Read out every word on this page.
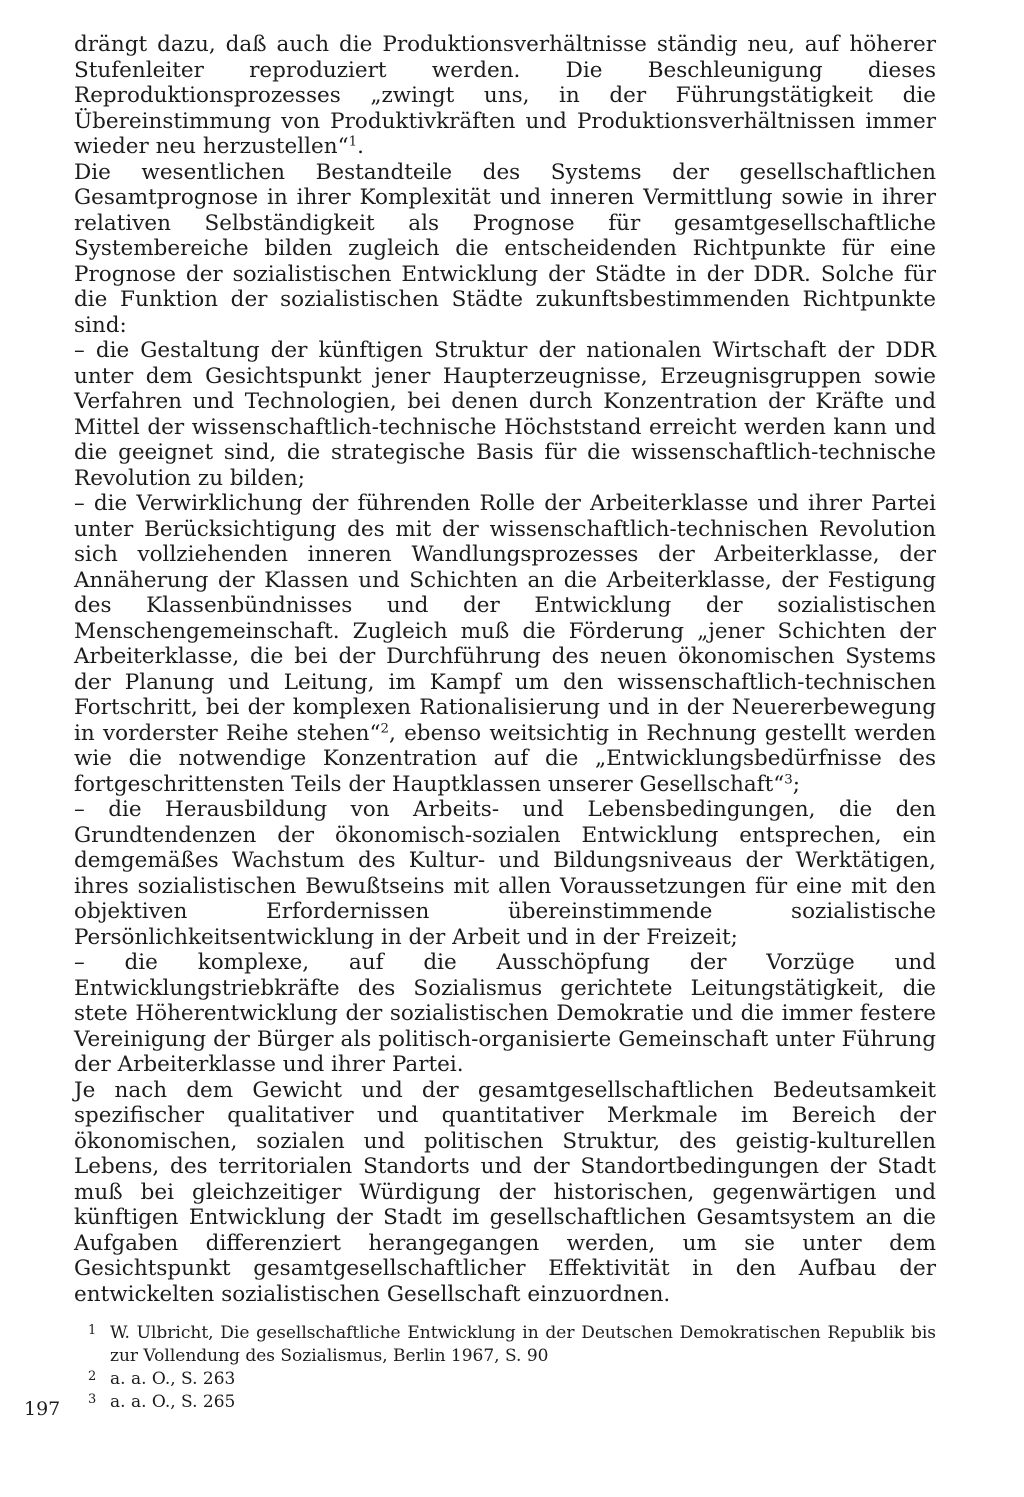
drängt dazu, daß auch die Produktionsverhältnisse ständig neu, auf höherer Stufenleiter reproduziert werden. Die Beschleunigung dieses Reproduktionsprozesses „zwingt uns, in der Führungstätigkeit die Übereinstimmung von Produktivkräften und Produktionsverhältnissen immer wieder neu herzustellen“$^1$.

Die wesentlichen Bestandteile des Systems der gesellschaftlichen Gesamtprognose in ihrer Komplexität und inneren Vermittlung sowie in ihrer relativen Selbständigkeit als Prognose für gesamtgesellschaftliche Systembereiche bilden zugleich die entscheidenden Richtpunkte für eine Prognose der sozialistischen Entwicklung der Städte in der DDR. Solche für die Funktion der sozialistischen Städte zukunftsbestimmenden Richtpunkte sind:

– die Gestaltung der künftigen Struktur der nationalen Wirtschaft der DDR unter dem Gesichtspunkt jener Haupterzeugnisse, Erzeugnisgruppen sowie Verfahren und Technologien, bei denen durch Konzentration der Kräfte und Mittel der wissenschaftlich-technische Höchststand erreicht werden kann und die geeignet sind, die strategische Basis für die wissenschaftlich-technische Revolution zu bilden;

– die Verwirklichung der führenden Rolle der Arbeiterklasse und ihrer Partei unter Berücksichtigung des mit der wissenschaftlich-technischen Revolution sich vollziehenden inneren Wandlungsprozesses der Arbeiterklasse, der Annäherung der Klassen und Schichten an die Arbeiterklasse, der Festigung des Klassenbündnisses und der Entwicklung der sozialistischen Menschengemeinschaft. Zugleich muß die Förderung „jener Schichten der Arbeiterklasse, die bei der Durchführung des neuen ökonomischen Systems der Planung und Leitung, im Kampf um den wissenschaftlich-technischen Fortschritt, bei der komplexen Rationalisierung und in der Neuererbewegung in vorderster Reihe stehen“$^2$, ebenso weitsichtig in Rechnung gestellt werden wie die notwendige Konzentration auf die „Entwicklungsbedürfnisse des fortgeschrittensten Teils der Hauptklassen unserer Gesellschaft“$^3$;

– die Herausbildung von Arbeits- und Lebensbedingungen, die den Grundtendenzen der ökonomisch-sozialen Entwicklung entsprechen, ein demgemäßes Wachstum des Kultur- und Bildungsniveaus der Werktätigen, ihres sozialistischen Bewußtseins mit allen Voraussetzungen für eine mit den objektiven Erfordernissen übereinstimmende sozialistische Persönlichkeitsentwicklung in der Arbeit und in der Freizeit;

– die komplexe, auf die Ausschöpfung der Vorzüge und Entwicklungstriebkräfte des Sozialismus gerichtete Leitungstätigkeit, die stete Höherentwicklung der sozialistischen Demokratie und die immer festere Vereinigung der Bürger als politisch-organisierte Gemeinschaft unter Führung der Arbeiterklasse und ihrer Partei.

Je nach dem Gewicht und der gesamtgesellschaftlichen Bedeutsamkeit spezifischer qualitativer und quantitativer Merkmale im Bereich der ökonomischen, sozialen und politischen Struktur, des geistig-kulturellen Lebens, des territorialen Standorts und der Standortbedingungen der Stadt muß bei gleichzeitiger Würdigung der historischen, gegenwärtigen und künftigen Entwicklung der Stadt im gesellschaftlichen Gesamtsystem an die Aufgaben differenziert herangegangen werden, um sie unter dem Gesichtspunkt gesamtgesellschaftlicher Effektivität in den Aufbau der entwickelten sozialistischen Gesellschaft einzuordnen.

1 W. Ulbricht, Die gesellschaftliche Entwicklung in der Deutschen Demokratischen Republik bis zur Vollendung des Sozialismus, Berlin 1967, S. 90
2 a. a. O., S. 263
3 a. a. O., S. 265
197
